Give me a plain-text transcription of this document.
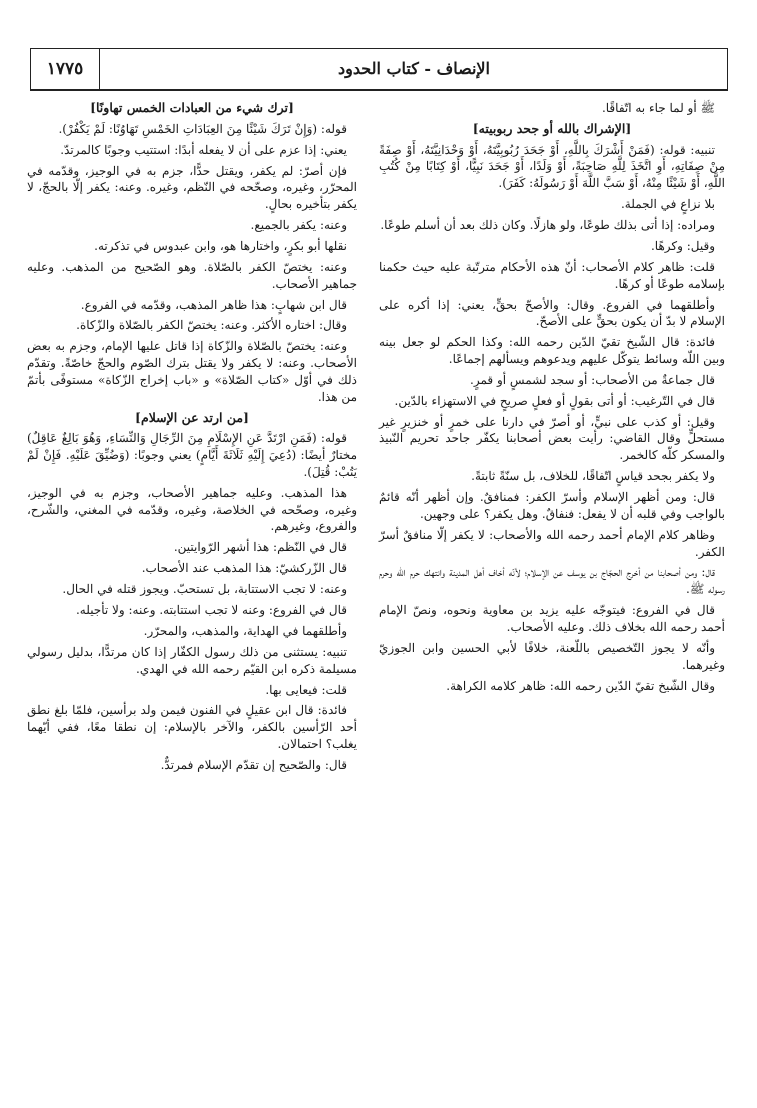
الإنصاف - كتاب الحدود
١٧٧٥

ﷺ أو لما جاء به اتّفاقًا.

[الإشراك بالله أو جحد ربوبيته]

تنبيه: قوله: (فَمَنْ أَشْرَكَ بِاللَّهِ، أَوْ جَحَدَ رُبُوبِيَّتَهُ، أَوْ وَحْدَانِيَّتَهُ، أَوْ صِفَةً مِنْ صِفَاتِهِ، أَوِ اتَّخَذَ لِلَّهِ صَاحِبَةً، أَوْ وَلَدًا، أَوْ جَحَدَ نَبِيًّا، أَوْ كِتَابًا مِنْ كُتُبِ اللَّهِ، أَوْ شَيْئًا مِنْهُ، أَوْ سَبَّ اللَّهَ أَوْ رَسُولَهُ: كَفَرَ).

بلا نزاعٍ في الجملة.

ومراده: إذا أتى بذلك طوعًا، ولو هازلًا. وكان ذلك بعد أن أسلم طوعًا.

وقيل: وكرهًا.

قلت: ظاهر كلام الأصحاب: أنّ هذه الأحكام مترتّبة عليه حيث حكمنا بإسلامه طوعًا أو كرهًا.

وأطلقهما في الفروع. وقال: والأصحّ بحقٍّ، يعني: إذا أكره على الإسلام لا بدّ أن يكون بحقٍّ على الأصحّ.

فائدة: قال الشّيخ تقيّ الدّين رحمه الله: وكذا الحكم لو جعل بينه وبين اللّه وسائط يتوكّل عليهم ويدعوهم ويسألهم إجماعًا.

قال جماعةٌ من الأصحاب: أو سجد لشمسٍ أو قمرٍ.

قال في التّرغيب: أو أتى بقولٍ أو فعلٍ صريحٍ في الاستهزاء بالدّين.

وقيل: أو كذب على نبيٍّ، أو أصرّ في دارنا على خمرٍ أو خنزيرٍ غير مستحلٍّ وقال القاضي: رأيت بعض أصحابنا يكفّر جاحد تحريم النّبيذ والمسكر كلّه كالخمر.

ولا يكفر بجحد قياسٍ اتّفاقًا، للخلاف، بل سنّةً ثابتةً.

قال: ومن أظهر الإسلام وأسرّ الكفر: فمنافقٌ. وإن أظهر أنّه قائمٌ بالواجب وفي قلبه أن لا يفعل: فنفاقٌ. وهل يكفر؟ على وجهين.

وظاهر كلام الإمام أحمد رحمه الله والأصحاب: لا يكفر إلّا منافقٌ أسرّ الكفر.

قال: ومن أصحابنا من أخرج الحجّاج بن يوسف عن الإسلام؛ لأنّه أخاف أهل المدينة وانتهك حرم اللّه وحرم رسوله ﷺ.

قال في الفروع: فيتوجّه عليه يزيد بن معاوية ونحوه، ونصّ الإمام أحمد رحمه الله بخلاف ذلك. وعليه الأصحاب.

وأنّه لا يجوز التّخصيص باللّعنة، خلافًا لأبي الحسين وابن الجوزيّ وغيرهما.

وقال الشّيخ تقيّ الدّين رحمه الله: ظاهر كلامه الكراهة.

[ترك شيء من العبادات الخمس تهاونًا]

قوله: (وَإِنْ تَرَكَ شَيْئًا مِنَ العِبَادَاتِ الخَمْسِ تَهَاوُنًا: لَمْ يَكْفُرْ).

يعني: إذا عزم على أن لا يفعله أبدًا: استتيب وجوبًا كالمرتدّ.

فإن أصرّ: لم يكفر، ويقتل حدًّا، جزم به في الوجيز، وقدّمه في المحرّر، وغيره، وصحّحه في النّظم، وغيره. وعنه: يكفر إلّا بالحجّ، لا يكفر بتأخيره بحالٍ.

وعنه: يكفر بالجميع.

نقلها أبو بكرٍ، واختارها هو، وابن عبدوس في تذكرته.

وعنه: يختصّ الكفر بالصّلاة. وهو الصّحيح من المذهب. وعليه جماهير الأصحاب.

قال ابن شهابٍ: هذا ظاهر المذهب، وقدّمه في الفروع.

وقال: اختاره الأكثر. وعنه: يختصّ الكفر بالصّلاة والزّكاة.

وعنه: يختصّ بالصّلاة والزّكاة إذا قاتل عليها الإمام، وجزم به بعض الأصحاب. وعنه: لا يكفر ولا يقتل بترك الصّوم والحجّ خاصّةً. وتقدّم ذلك في أوّل «كتاب الصّلاة» و «باب إخراج الزّكاة» مستوفًى بأتمّ من هذا.

[من ارتد عن الإسلام]

قوله: (فَمَنِ ارْتَدَّ عَنِ الإِسْلَامِ مِنَ الرِّجَالِ وَالنِّسَاءِ، وَهُوَ بَالِغٌ عَاقِلٌ) مختارٌ أيضًا: (دُعِيَ إِلَيْهِ ثَلَاثَةَ أَيَّامٍ) يعني وجوبًا: (وَضُيِّقَ عَلَيْهِ. فَإِنْ لَمْ يَتُبْ: قُتِلَ).

هذا المذهب. وعليه جماهير الأصحاب، وجزم به في الوجيز، وغيره، وصحّحه في الخلاصة، وغيره، وقدّمه في المغني، والشّرح، والفروع، وغيرهم.

قال في النّظم: هذا أشهر الرّوايتين.

قال الزّركشيّ: هذا المذهب عند الأصحاب.

وعنه: لا تجب الاستتابة، بل تستحبّ. ويجوز قتله في الحال.

قال في الفروع: وعنه لا تجب استتابته. وعنه: ولا تأجيله.

وأطلقهما في الهداية، والمذهب، والمحرّر.

تنبيه: يستثنى من ذلك رسول الكفّار إذا كان مرتدًّا، بدليل رسولي مسيلمة ذكره ابن القيّم رحمه الله في الهدي.

قلت: فيعايى بها.

فائدة: قال ابن عقيلٍ في الفنون فيمن ولد برأسين، فلمّا بلغ نطق أحد الرّأسين بالكفر، والآخر بالإسلام: إن نطقا معًا، ففي أيّهما يغلب؟ احتمالان.

قال: والصّحيح إن تقدّم الإسلام فمرتدٌّ.
